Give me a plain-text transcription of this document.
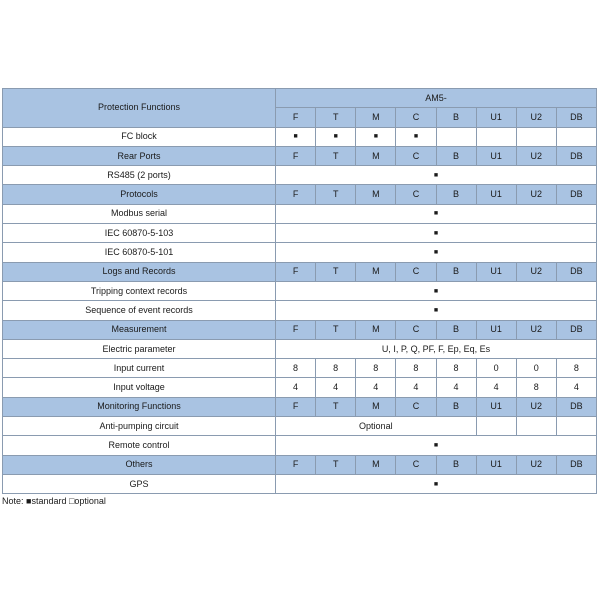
Protection Functions	AM5-							
	F	T	M	C	B	U1	U2	DB
FC block	■	■	■	■				
Rear Ports	F	T	M	C	B	U1	U2	DB
RS485 (2 ports)	■							
Protocols	F	T	M	C	B	U1	U2	DB
Modbus serial	■							
IEC 60870-5-103	■							
IEC 60870-5-101	■							
Logs and Records	F	T	M	C	B	U1	U2	DB
Tripping context records	■							
Sequence of event records	■							
Measurement	F	T	M	C	B	U1	U2	DB
Electric parameter	U, I, P, Q, PF, F, Ep, Eq, Es							
Input current	8	8	8	8	8	0	0	8
Input voltage	4	4	4	4	4	4	8	4
Monitoring Functions	F	T	M	C	B	U1	U2	DB
Anti-pumping circuit	Optional							
Remote control	■							
Others	F	T	M	C	B	U1	U2	DB
GPS	■							
Note: ■standard □optional
